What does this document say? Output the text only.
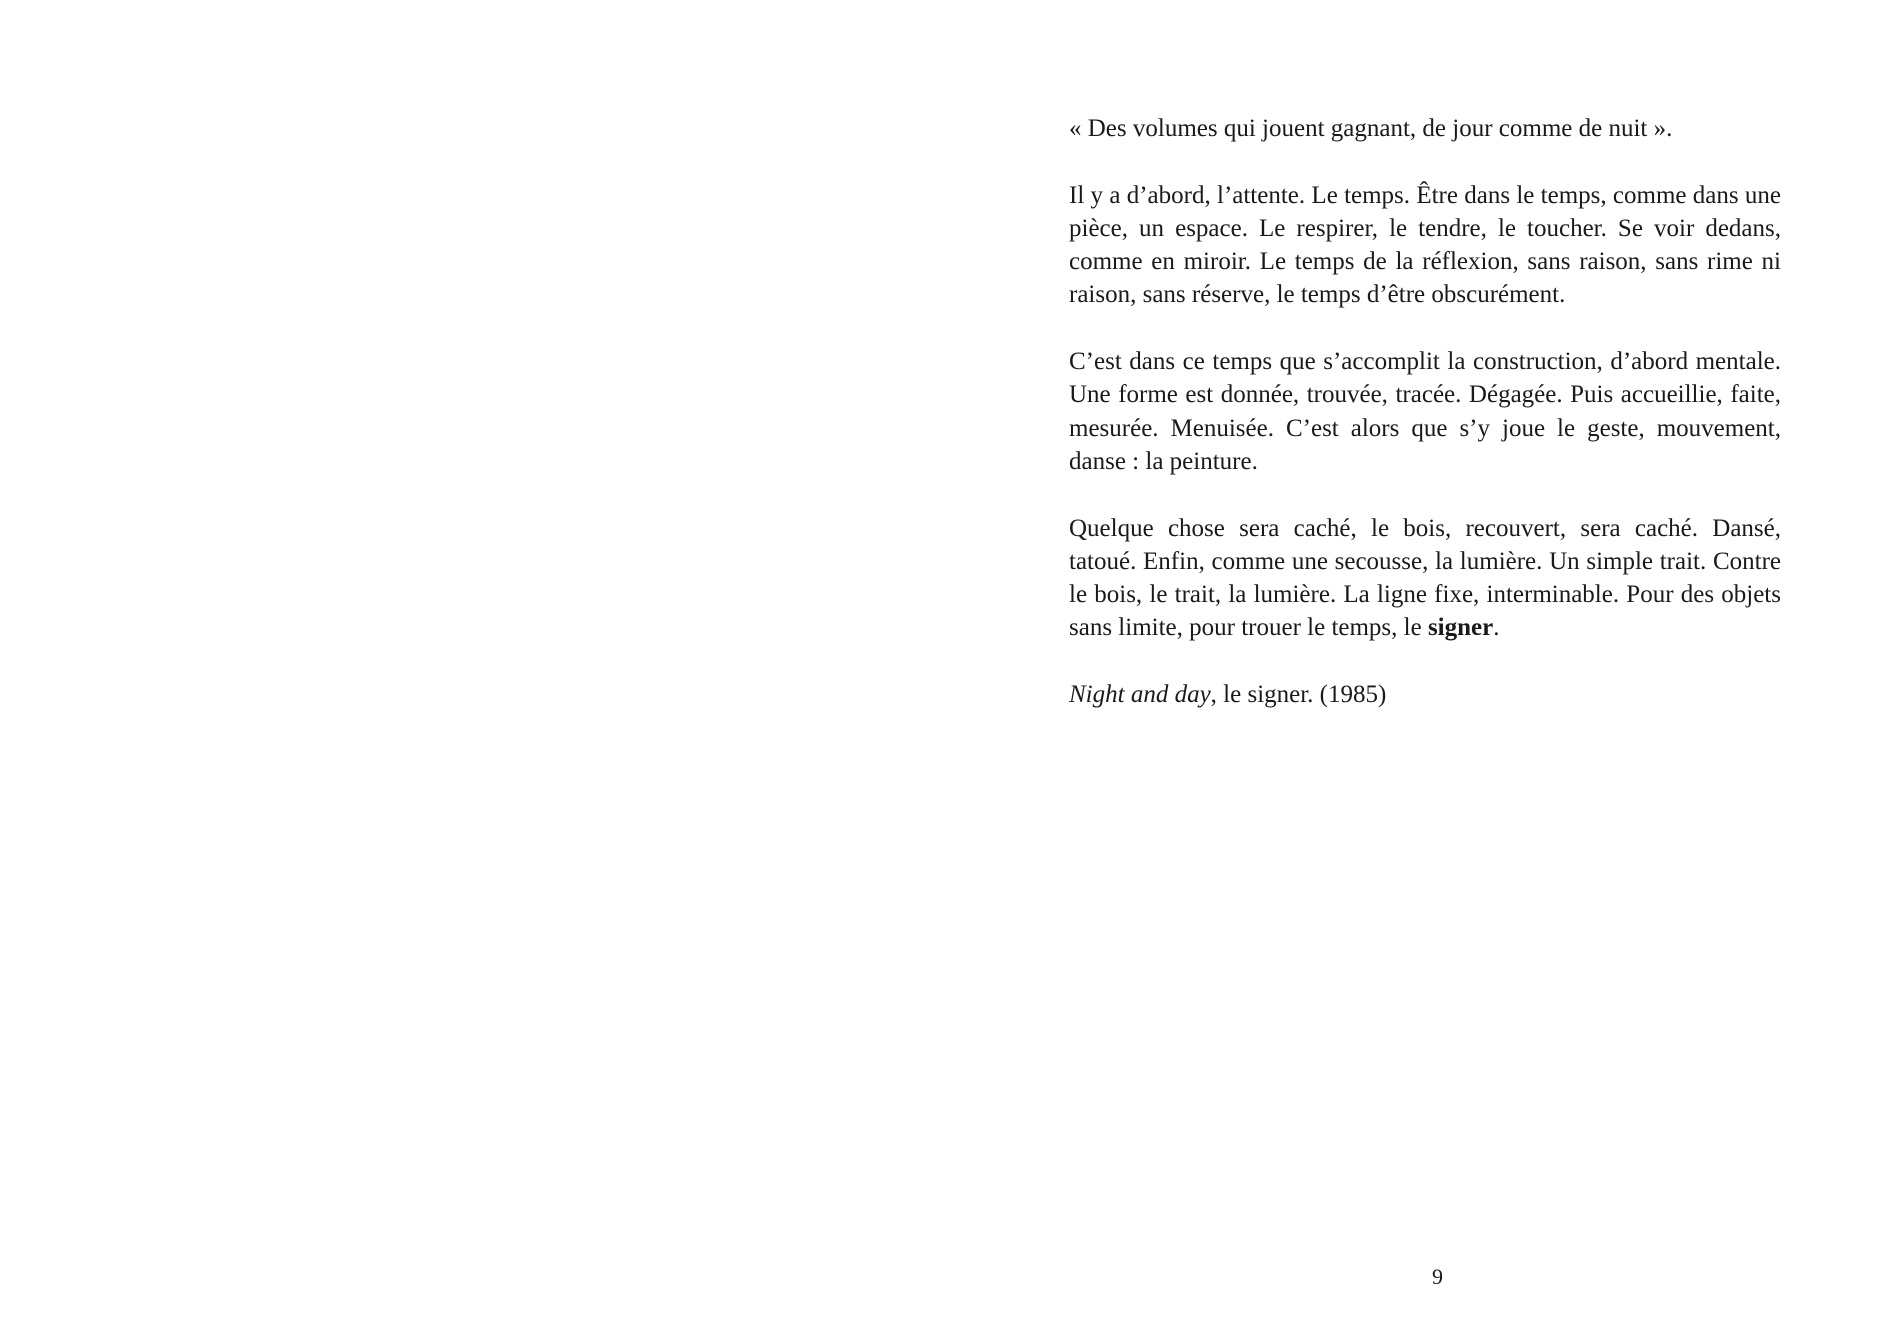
« Des volumes qui jouent gagnant, de jour comme de nuit ».

Il y a d’abord, l’attente. Le temps. Être dans le temps, comme dans une pièce, un espace. Le respirer, le tendre, le toucher. Se voir dedans, comme en miroir. Le temps de la réflexion, sans raison, sans rime ni raison, sans réserve, le temps d’être obscurément.

C’est dans ce temps que s’accomplit la construction, d’abord mentale. Une forme est donnée, trouvée, tracée. Dégagée. Puis accueillie, faite, mesurée. Menuisée. C’est alors que s’y joue le geste, mouvement, danse : la peinture.

Quelque chose sera caché, le bois, recouvert, sera caché. Dansé, tatoué. Enfin, comme une secousse, la lumière. Un simple trait. Contre le bois, le trait, la lumière. La ligne fixe, interminable. Pour des objets sans limite, pour trouer le temps, le signer.

Night and day, le signer. (1985)

9
